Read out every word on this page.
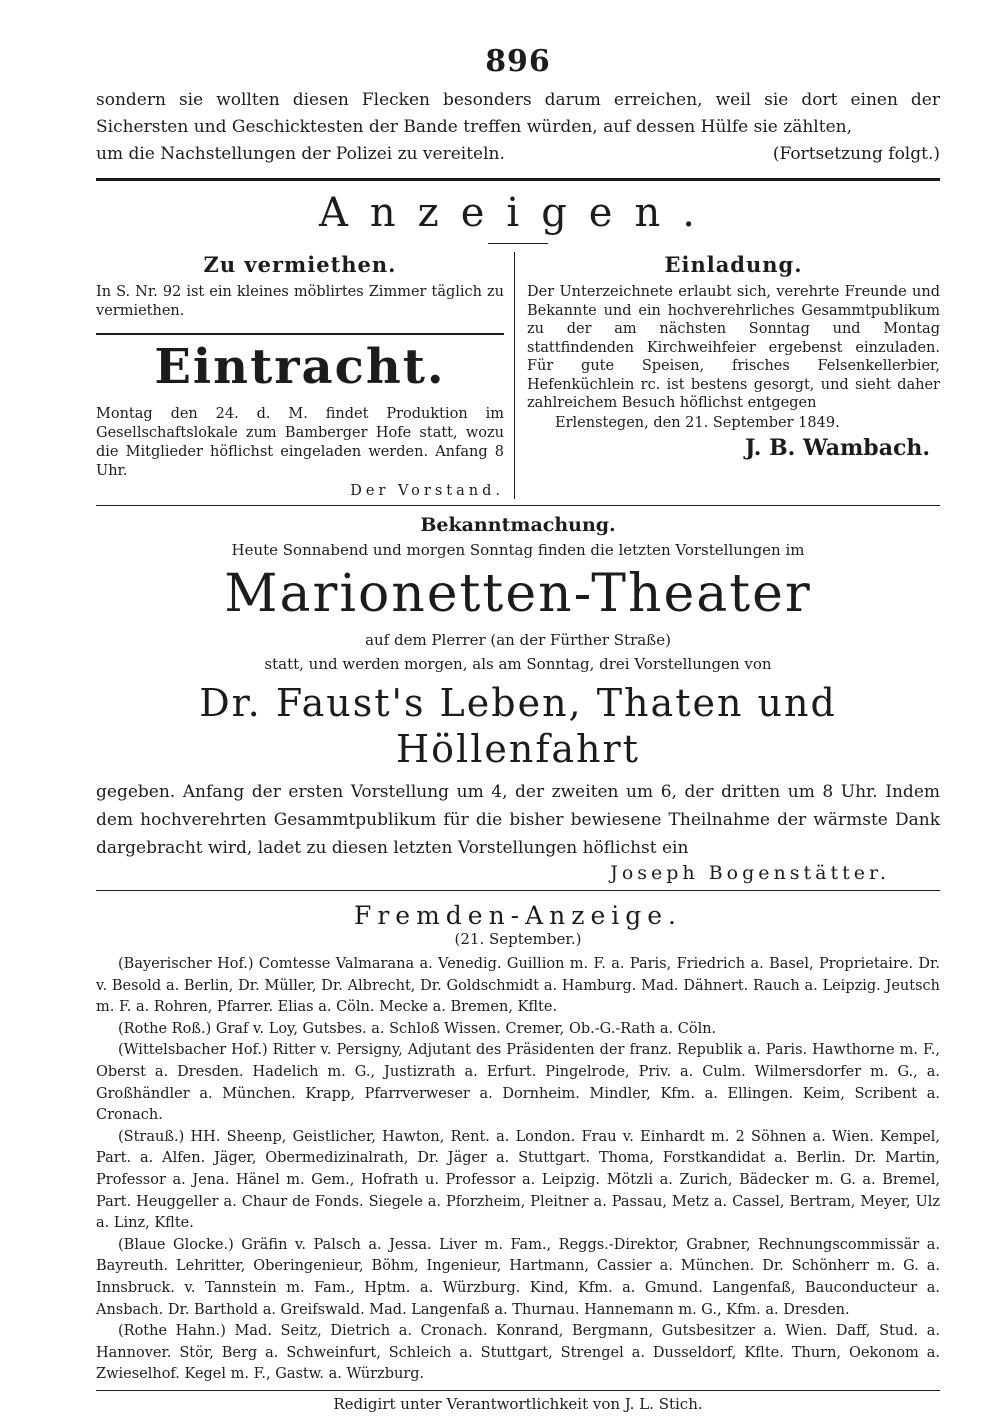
896

sondern sie wollten diesen Flecken besonders darum erreichen, weil sie dort einen der Sichersten und Geschicktesten der Bande treffen würden, auf dessen Hülfe sie zählten,
um die Nachstellungen der Polizei zu vereiteln.	(Fortsetzung folgt.)

Anzeigen.

Zu vermiethen.

In S. Nr. 92 ist ein kleines möblirtes Zimmer täglich zu vermiethen.

Eintracht.

Montag den 24. d. M. findet Produktion im Gesellschaftslokale zum Bamberger Hofe statt, wozu die Mitglieder höflichst eingeladen werden. Anfang 8 Uhr.

Der Vorstand.

Einladung.

Der Unterzeichnete erlaubt sich, verehrte Freunde und Bekannte und ein hochverehrliches Gesammtpublikum zu der am nächsten Sonntag und Montag stattfindenden Kirchweihfeier ergebenst einzuladen. Für gute Speisen, frisches Felsenkellerbier, Hefenküchlein rc. ist bestens gesorgt, und sieht daher zahlreichem Besuch höflichst entgegen

Erlenstegen, den 21. September 1849.

J. B. Wambach.

Bekanntmachung.

Heute Sonnabend und morgen Sonntag finden die letzten Vorstellungen im

Marionetten-Theater

auf dem Plerrer (an der Fürther Straße)

statt, und werden morgen, als am Sonntag, drei Vorstellungen von

Dr. Faust's Leben, Thaten und Höllenfahrt

gegeben. Anfang der ersten Vorstellung um 4, der zweiten um 6, der dritten um 8 Uhr. Indem dem hochverehrten Gesammtpublikum für die bisher bewiesene Theilnahme der wärmste Dank dargebracht wird, ladet zu diesen letzten Vorstellungen höflichst ein

Joseph Bogenstätter.

Fremden-Anzeige.

(21. September.)

(Bayerischer Hof.) Comtesse Valmarana a. Venedig. Guillion m. F. a. Paris, Friedrich a. Basel, Proprietaire. Dr. v. Besold a. Berlin, Dr. Müller, Dr. Albrecht, Dr. Goldschmidt a. Hamburg. Mad. Dähnert. Rauch a. Leipzig. Jeutsch m. F. a. Rohren, Pfarrer. Elias a. Cöln. Mecke a. Bremen, Kflte.
(Rothe Roß.) Graf v. Loy, Gutsbes. a. Schloß Wissen. Cremer, Ob.-G.-Rath a. Cöln.
(Wittelsbacher Hof.) Ritter v. Persigny, Adjutant des Präsidenten der franz. Republik a. Paris. Hawthorne m. F., Oberst a. Dresden. Hadelich m. G., Justizrath a. Erfurt. Pingelrode, Priv. a. Culm. Wilmersdorfer m. G., a. Großhändler a. München. Krapp, Pfarrverweser a. Dornheim. Mindler, Kfm. a. Ellingen. Keim, Scribent a. Cronach.
(Strauß.) HH. Sheenp, Geistlicher, Hawton, Rent. a. London. Frau v. Einhardt m. 2 Söhnen a. Wien. Kempel, Part. a. Alfen. Jäger, Obermedizinalrath, Dr. Jäger a. Stuttgart. Thoma, Forstkandidat a. Berlin. Dr. Martin, Professor a. Jena. Hänel m. Gem., Hofrath u. Professor a. Leipzig. Mötzli a. Zurich, Bädecker m. G. a. Bremel, Part. Heuggeller a. Chaur de Fonds. Siegele a. Pforzheim, Pleitner a. Passau, Metz a. Cassel, Bertram, Meyer, Ulz a. Linz, Kflte.
(Blaue Glocke.) Gräfin v. Palsch a. Jessa. Liver m. Fam., Reggs.-Direktor, Grabner, Rechnungscommissär a. Bayreuth. Lehritter, Oberingenieur, Böhm, Ingenieur, Hartmann, Cassier a. München. Dr. Schönherr m. G. a. Innsbruck. v. Tannstein m. Fam., Hptm. a. Würzburg. Kind, Kfm. a. Gmund. Langenfaß, Bauconducteur a. Ansbach. Dr. Barthold a. Greifswald. Mad. Langenfaß a. Thurnau. Hannemann m. G., Kfm. a. Dresden.
(Rothe Hahn.) Mad. Seitz, Dietrich a. Cronach. Konrand, Bergmann, Gutsbesitzer a. Wien. Daff, Stud. a. Hannover. Stör, Berg a. Schweinfurt, Schleich a. Stuttgart, Strengel a. Dusseldorf, Kflte. Thurn, Oekonom a. Zwieselhof. Kegel m. F., Gastw. a. Würzburg.

Redigirt unter Verantwortlichkeit von J. L. Stich.
